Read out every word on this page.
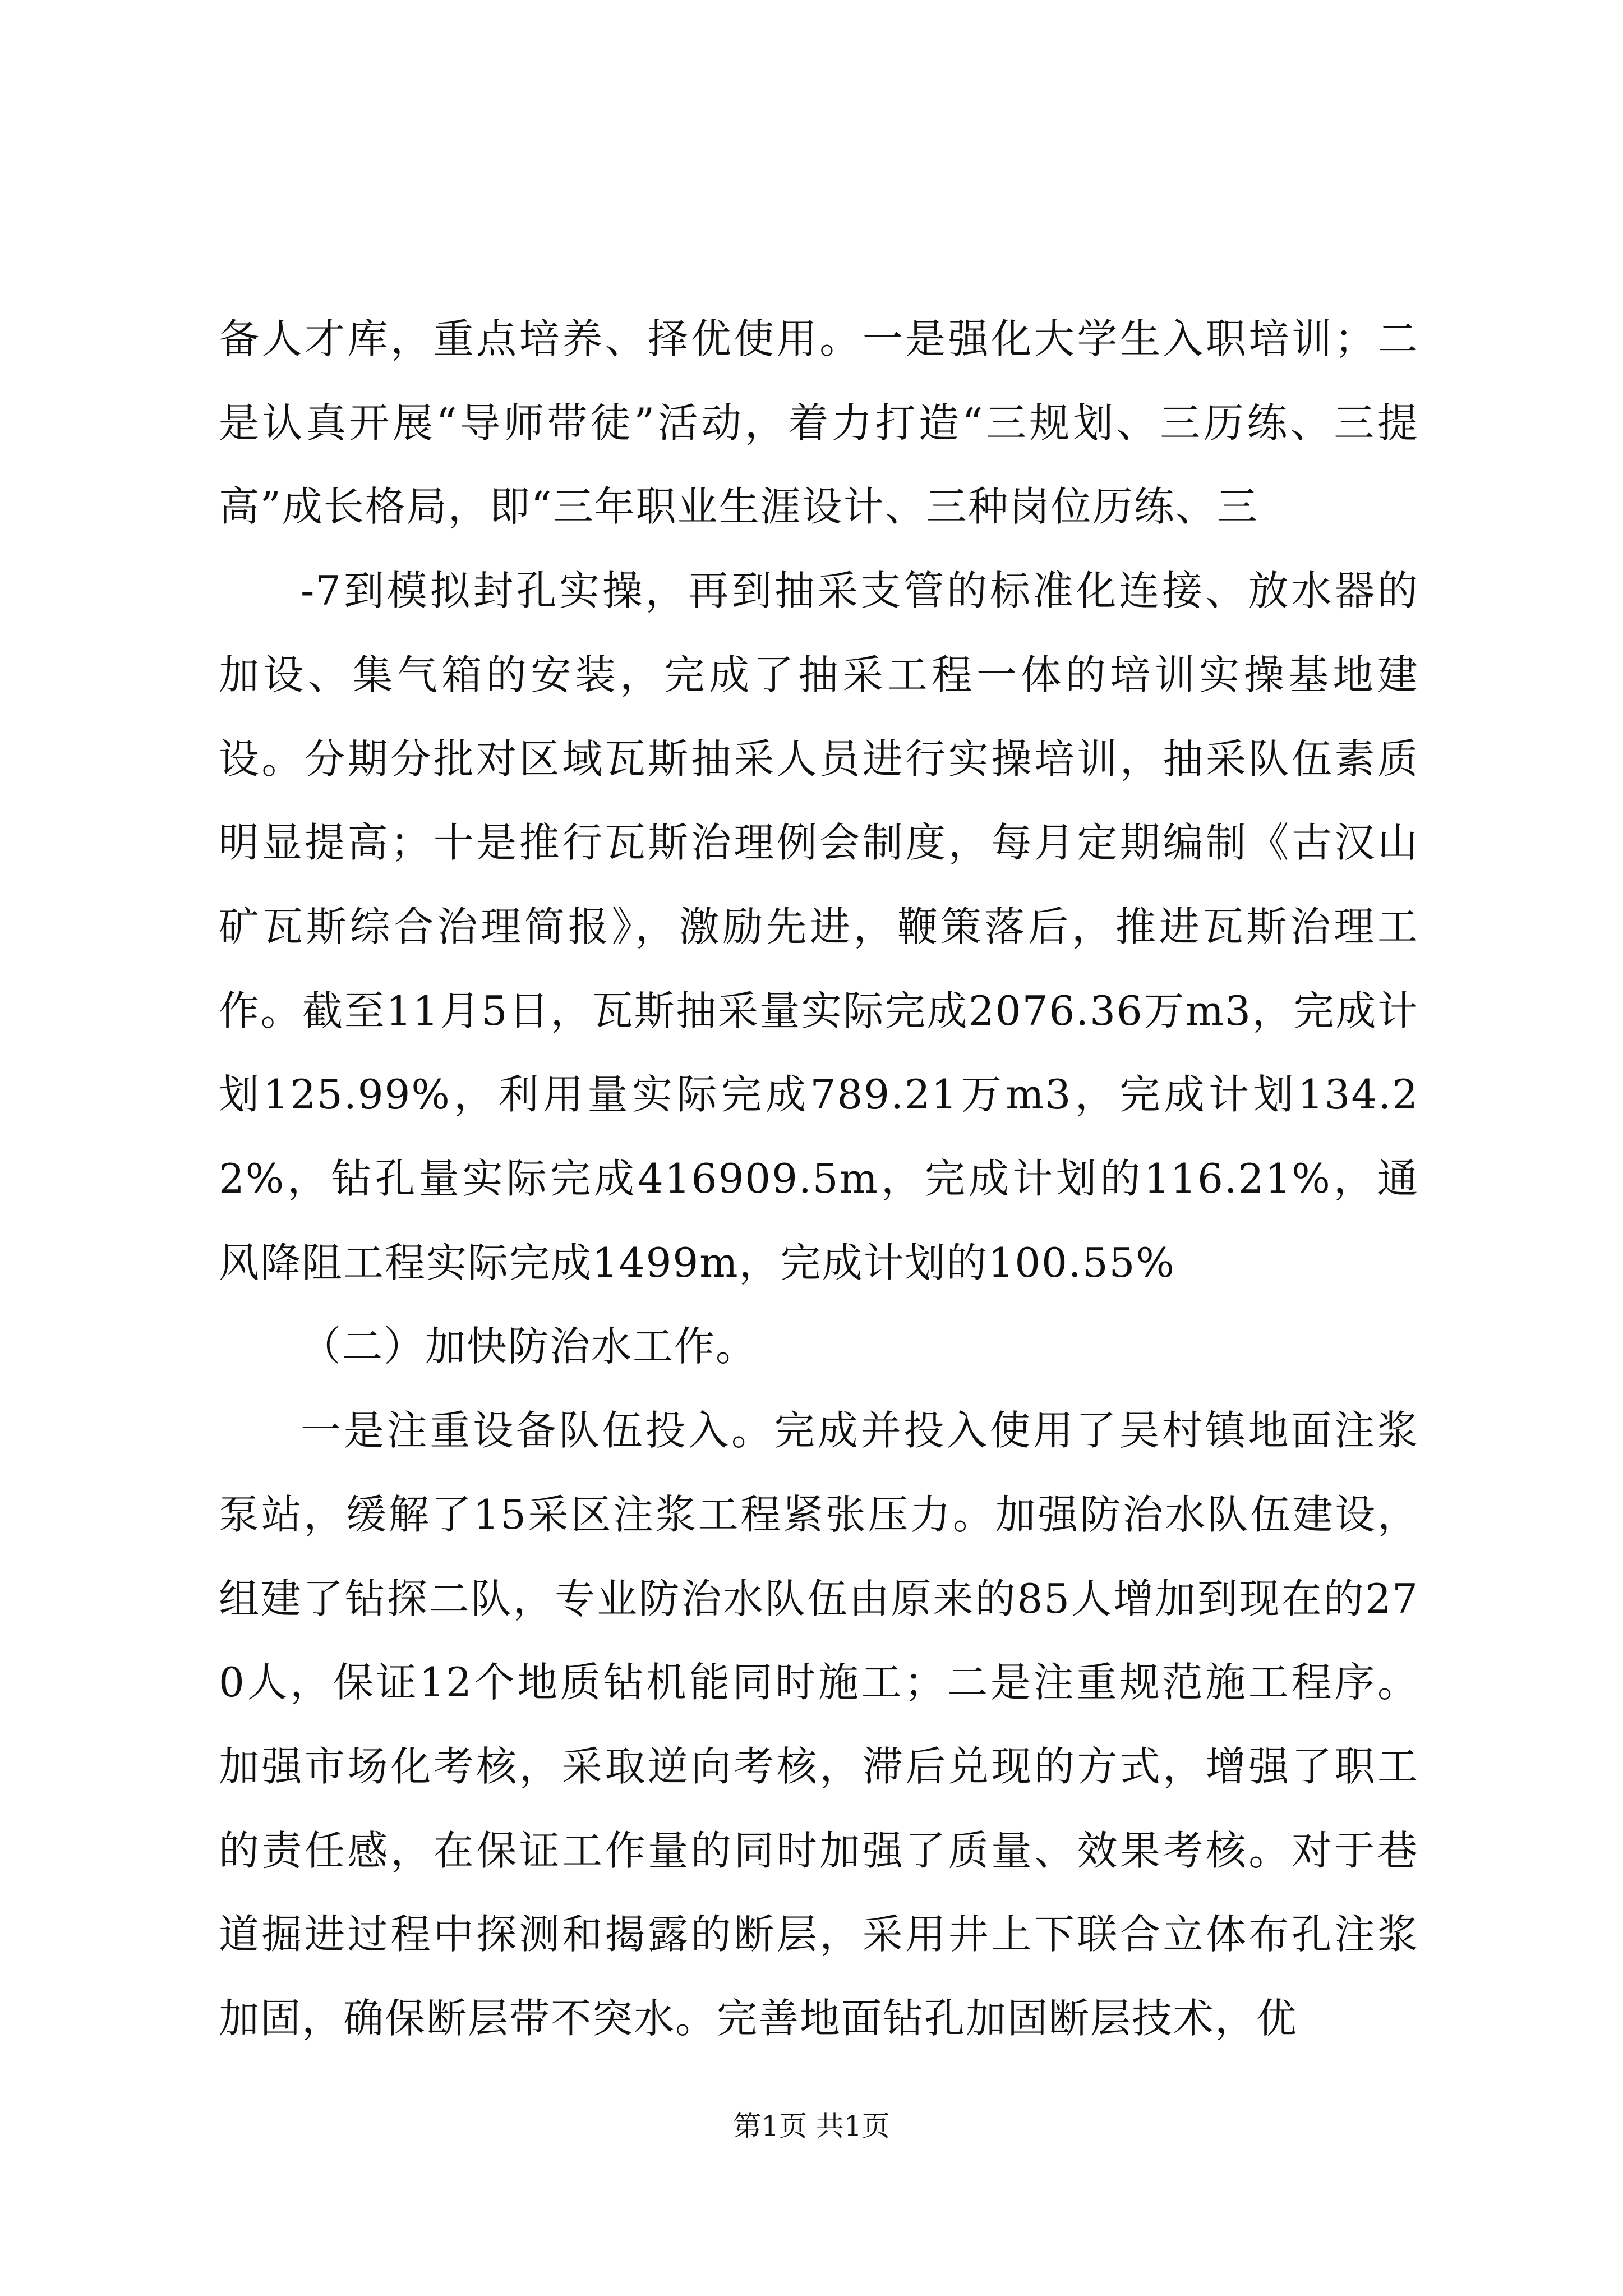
备人才库，重点培养、择优使用。一是强化大学生入职培训；二是认真开展“导师带徒”活动，着力打造“三规划、三历练、三提高”成长格局，即“三年职业生涯设计、三种岗位历练、三

-7到模拟封孔实操，再到抽采支管的标准化连接、放水器的加设、集气箱的安装，完成了抽采工程一体的培训实操基地建设。分期分批对区域瓦斯抽采人员进行实操培训，抽采队伍素质明显提高；十是推行瓦斯治理例会制度，每月定期编制《古汉山矿瓦斯综合治理简报》，激励先进，鞭策落后，推进瓦斯治理工作。截至11月5日，瓦斯抽采量实际完成2076.36万m3，完成计划125.99%，利用量实际完成789.21万m3，完成计划134.22%，钻孔量实际完成416909.5m，完成计划的116.21%，通风降阻工程实际完成1499m，完成计划的100.55%

（二）加快防治水工作。

一是注重设备队伍投入。完成并投入使用了吴村镇地面注浆泵站，缓解了15采区注浆工程紧张压力。加强防治水队伍建设，组建了钻探二队，专业防治水队伍由原来的85人增加到现在的270人，保证12个地质钻机能同时施工；二是注重规范施工程序。加强市场化考核，采取逆向考核，滞后兑现的方式，增强了职工的责任感，在保证工作量的同时加强了质量、效果考核。对于巷道掘进过程中探测和揭露的断层，采用井上下联合立体布孔注浆加固，确保断层带不突水。完善地面钻孔加固断层技术，优

第1页 共1页
